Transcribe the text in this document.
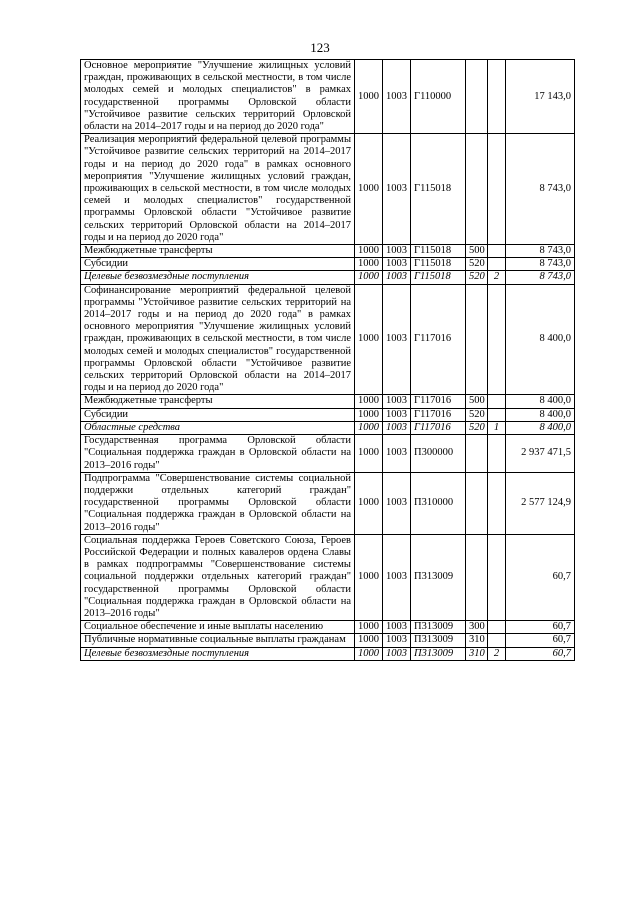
123
Основное мероприятие "Улучшение жилищных условий граждан, проживающих в сельской местности, в том числе молодых семей и молодых специалистов" в рамках государственной программы Орловской области "Устойчивое развитие сельских территорий Орловской области на 2014–2017 годы и на период до 2020 года"	1000	1003	Г110000			17 143,0
Реализация мероприятий федеральной целевой программы "Устойчивое развитие сельских территорий на 2014–2017 годы и на период до 2020 года" в рамках основного мероприятия "Улучшение жилищных условий граждан, проживающих в сельской местности, в том числе молодых семей и молодых специалистов" государственной программы Орловской области "Устойчивое развитие сельских территорий Орловской области на 2014–2017 годы и на период до 2020 года"	1000	1003	Г115018			8 743,0
Межбюджетные трансферты	1000	1003	Г115018	500		8 743,0
Субсидии	1000	1003	Г115018	520		8 743,0
Целевые безвозмездные поступления	1000	1003	Г115018	520	2	8 743,0
Софинансирование мероприятий федеральной целевой программы "Устойчивое развитие сельских территорий на 2014–2017 годы и на период до 2020 года" в рамках основного мероприятия "Улучшение жилищных условий граждан, проживающих в сельской местности, в том числе молодых семей и молодых специалистов" государственной программы Орловской области "Устойчивое развитие сельских территорий Орловской области на 2014–2017 годы и на период до 2020 года"	1000	1003	Г117016			8 400,0
Межбюджетные трансферты	1000	1003	Г117016	500		8 400,0
Субсидии	1000	1003	Г117016	520		8 400,0
Областные средства	1000	1003	Г117016	520	1	8 400,0
Государственная программа Орловской области "Социальная поддержка граждан в Орловской области на 2013–2016 годы"	1000	1003	П300000			2 937 471,5
Подпрограмма "Совершенствование системы социальной поддержки отдельных категорий граждан" государственной программы Орловской области "Социальная поддержка граждан в Орловской области на 2013–2016 годы"	1000	1003	П310000			2 577 124,9
Социальная поддержка Героев Советского Союза, Героев Российской Федерации и полных кавалеров ордена Славы в рамках подпрограммы "Совершенствование системы социальной поддержки отдельных категорий граждан" государственной программы Орловской области "Социальная поддержка граждан в Орловской области на 2013–2016 годы"	1000	1003	П313009			60,7
Социальное обеспечение и иные выплаты населению	1000	1003	П313009	300		60,7
Публичные нормативные социальные выплаты гражданам	1000	1003	П313009	310		60,7
Целевые безвозмездные поступления	1000	1003	П313009	310	2	60,7
